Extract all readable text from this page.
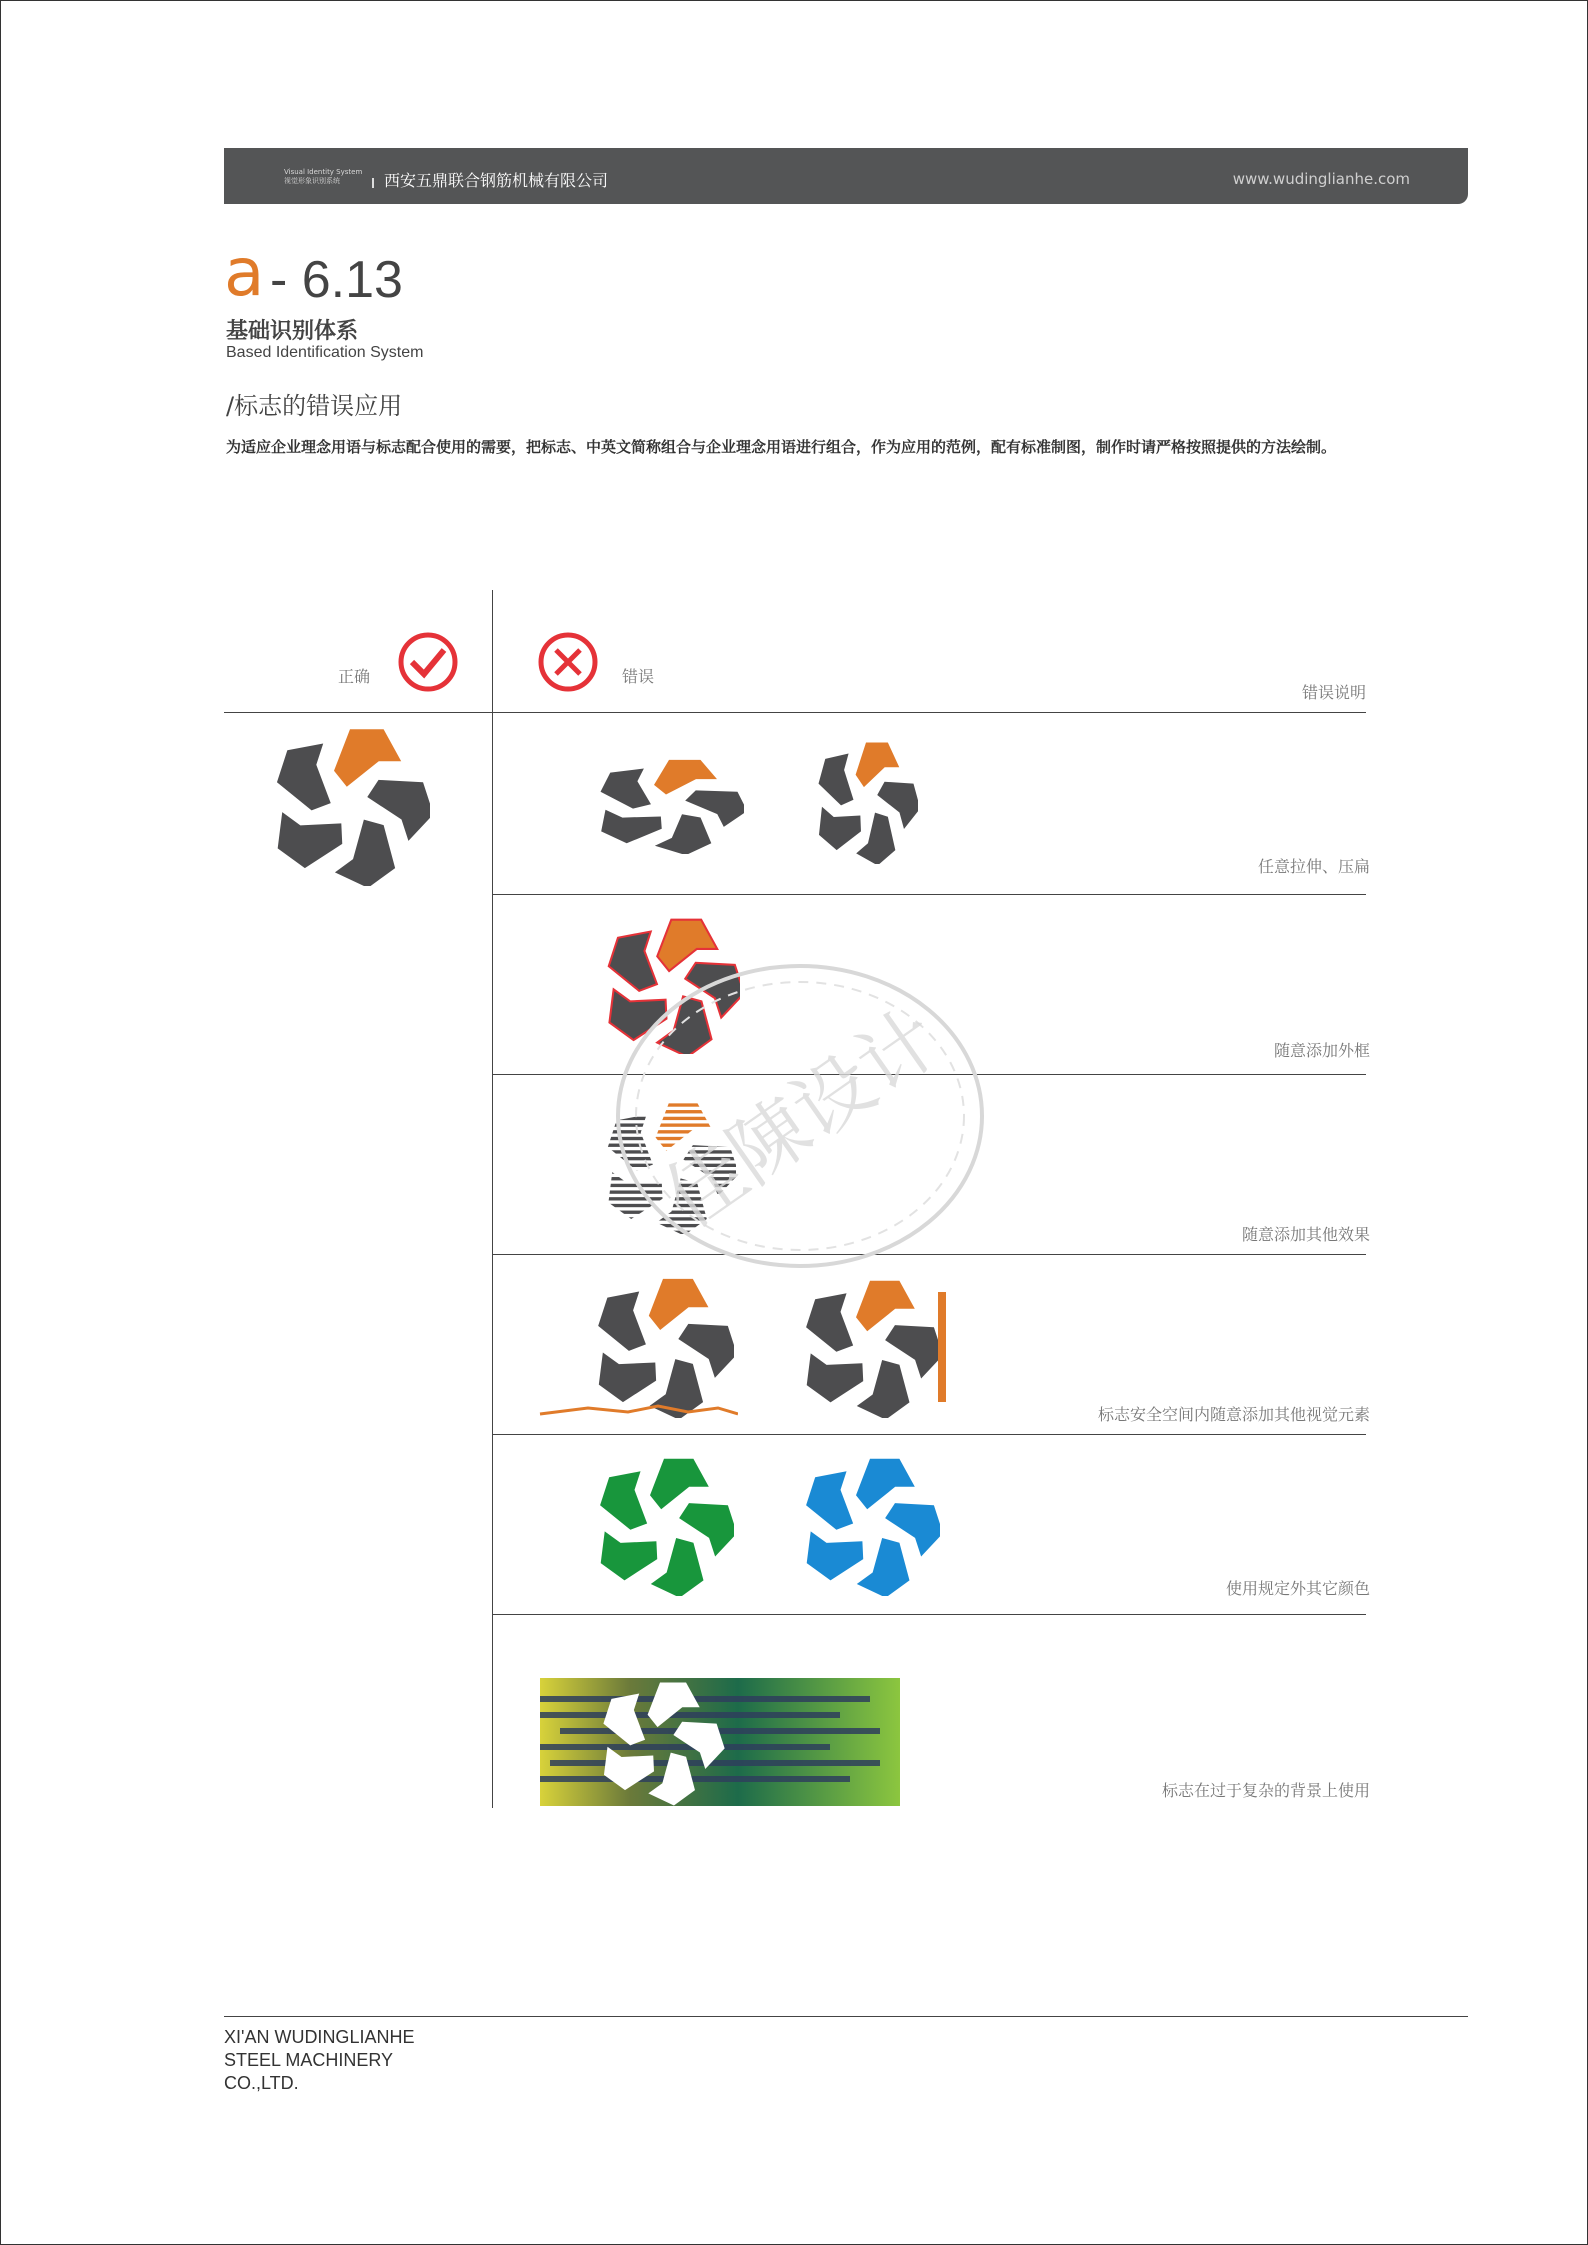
Visual Identity System
视觉形象识别系统	西安五鼎联合钢筋机械有限公司	www.wudinglianhe.com
a - 6.13
基础识别体系
Based Identification System
/标志的错误应用
为适应企业理念用语与标志配合使用的需要，把标志、中英文简称组合与企业理念用语进行组合，作为应用的范例，配有标准制图，制作时请严格按照提供的方法绘制。
正确	错误
错误说明
任意拉伸、压扁
随意添加外框
随意添加其他效果
佳陳设计
标志安全空间内随意添加其他视觉元素
使用规定外其它颜色
标志在过于复杂的背景上使用
XI'AN WUDINGLIANHE
STEEL MACHINERY
CO.,LTD.
